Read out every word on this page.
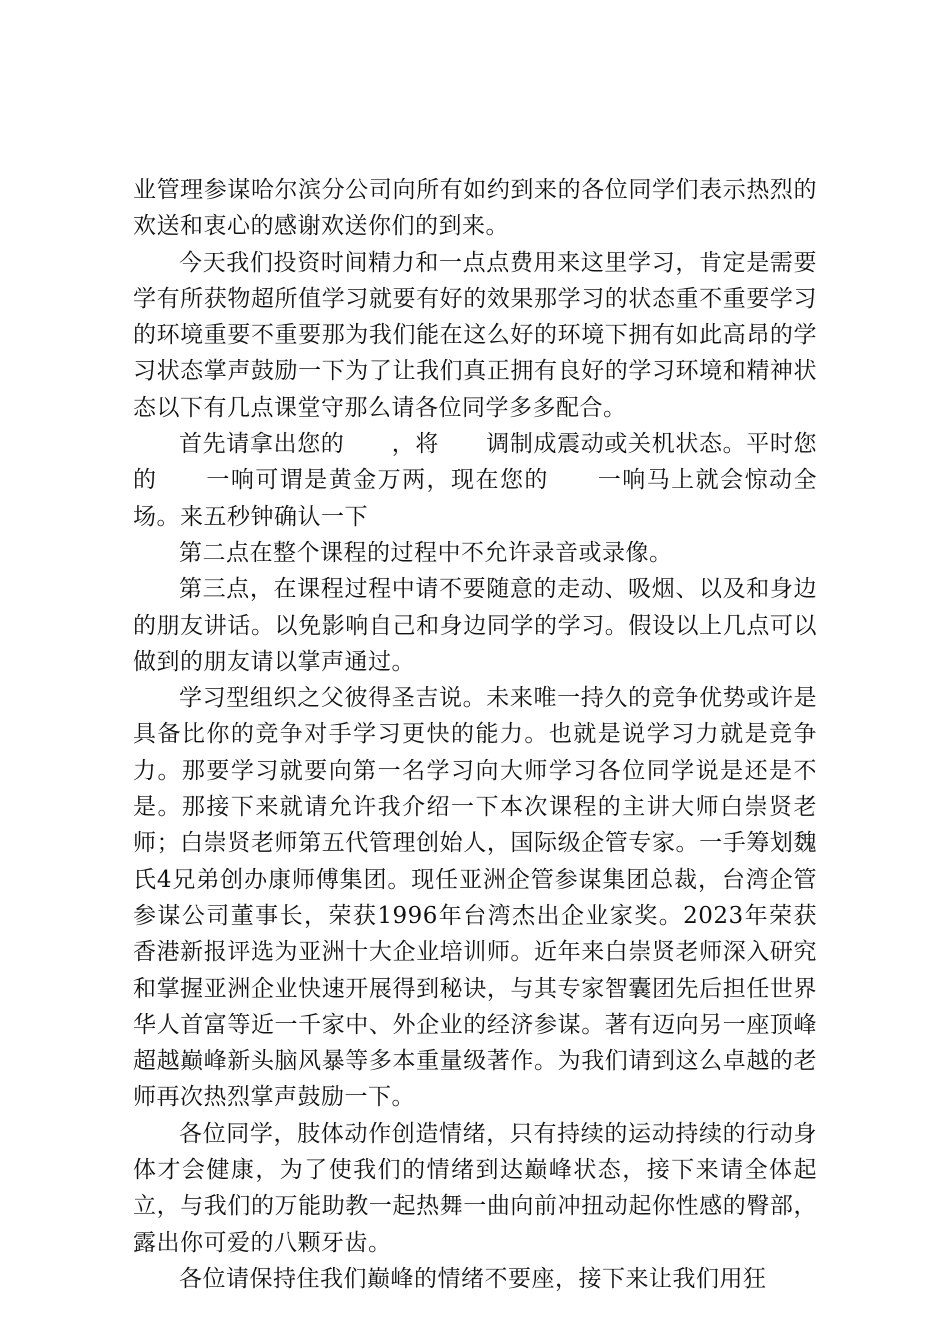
业管理参谋哈尔滨分公司向所有如约到来的各位同学们表示热烈的欢送和衷心的感谢欢送你们的到来。

今天我们投资时间精力和一点点费用来这里学习，肯定是需要学有所获物超所值学习就要有好的效果那学习的状态重不重要学习的环境重要不重要那为我们能在这么好的环境下拥有如此高昂的学习状态掌声鼓励一下为了让我们真正拥有良好的学习环境和精神状态以下有几点课堂守那么请各位同学多多配合。

首先请拿出您的　　，将　　调制成震动或关机状态。平时您的　　一响可谓是黄金万两，现在您的　　一响马上就会惊动全场。来五秒钟确认一下

第二点在整个课程的过程中不允许录音或录像。

第三点，在课程过程中请不要随意的走动、吸烟、以及和身边的朋友讲话。以免影响自己和身边同学的学习。假设以上几点可以做到的朋友请以掌声通过。

学习型组织之父彼得圣吉说。未来唯一持久的竞争优势或许是具备比你的竞争对手学习更快的能力。也就是说学习力就是竞争力。那要学习就要向第一名学习向大师学习各位同学说是还是不是。那接下来就请允许我介绍一下本次课程的主讲大师白崇贤老师；白崇贤老师第五代管理创始人，国际级企管专家。一手筹划魏氏4兄弟创办康师傅集团。现任亚洲企管参谋集团总裁，台湾企管参谋公司董事长，荣获1996年台湾杰出企业家奖。2023年荣获香港新报评选为亚洲十大企业培训师。近年来白崇贤老师深入研究和掌握亚洲企业快速开展得到秘诀，与其专家智囊团先后担任世界华人首富等近一千家中、外企业的经济参谋。著有迈向另一座顶峰超越巅峰新头脑风暴等多本重量级著作。为我们请到这么卓越的老师再次热烈掌声鼓励一下。

各位同学，肢体动作创造情绪，只有持续的运动持续的行动身体才会健康，为了使我们的情绪到达巅峰状态，接下来请全体起立，与我们的万能助教一起热舞一曲向前冲扭动起你性感的臀部，露出你可爱的八颗牙齿。

各位请保持住我们巅峰的情绪不要座，接下来让我们用狂
